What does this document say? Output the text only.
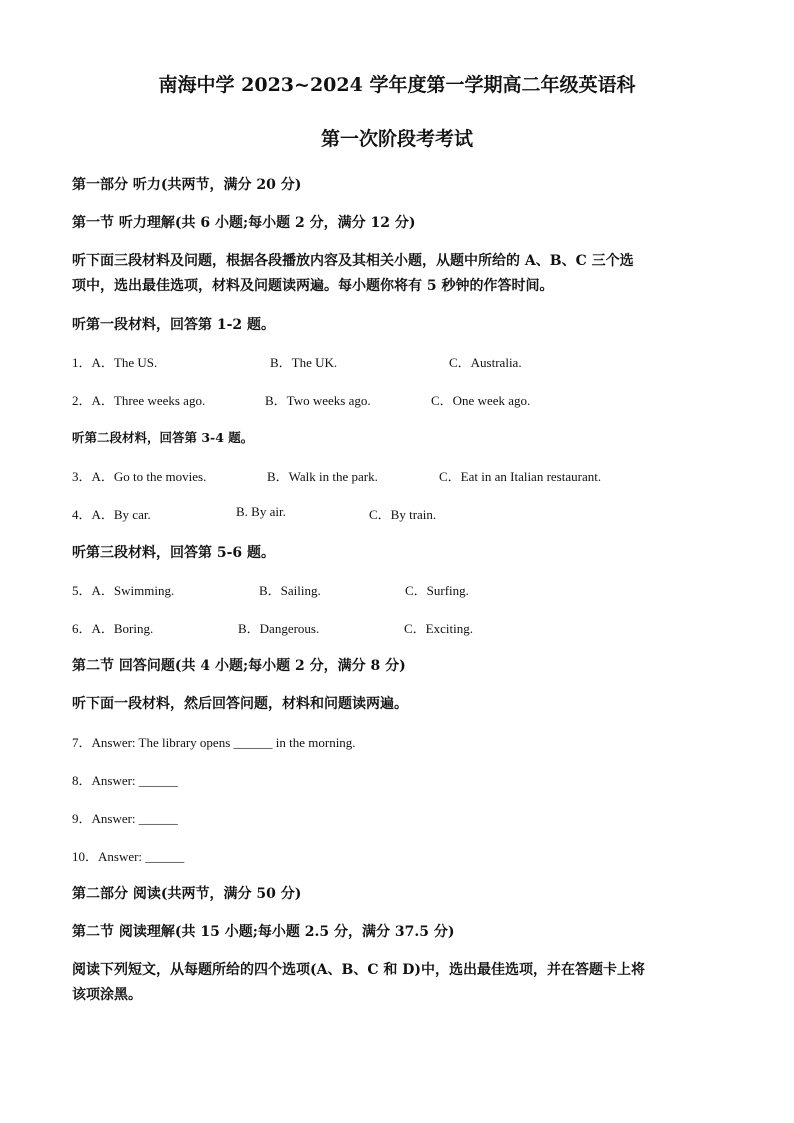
南海中学 2023~2024 学年度第一学期高二年级英语科
第一次阶段考考试
第一部分 听力(共两节，满分 20 分)
第一节 听力理解(共 6 小题;每小题 2 分，满分 12 分)
听下面三段材料及问题，根据各段播放内容及其相关小题，从题中所给的 A、B、C 三个选
项中，选出最佳选项，材料及问题读两遍。每小题你将有 5 秒钟的作答时间。
听第一段材料，回答第 1-2 题。
1．A．The US.	B．The UK.	C．Australia.
2．A．Three weeks ago.	B．Two weeks ago.	C．One week ago.
听第二段材料，回答第 3-4 题。
3．A．Go to the movies.	B．Walk in the park.	C．Eat in an Italian restaurant.
4．A．By car.	B. By air.	C．By train.
听第三段材料，回答第 5-6 题。
5．A．Swimming.	B．Sailing.	C．Surfing.
6．A．Boring.	B．Dangerous.	C．Exciting.
第二节 回答问题(共 4 小题;每小题 2 分，满分 8 分)
听下面一段材料，然后回答问题，材料和问题读两遍。
7．Answer: The library opens ______ in the morning.
8．Answer: ______
9．Answer: ______
10．Answer: ______
第二部分 阅读(共两节，满分 50 分)
第二节 阅读理解(共 15 小题;每小题 2.5 分，满分 37.5 分)
阅读下列短文，从每题所给的四个选项(A、B、C 和 D)中，选出最佳选项，并在答题卡上将
该项涂黑。
